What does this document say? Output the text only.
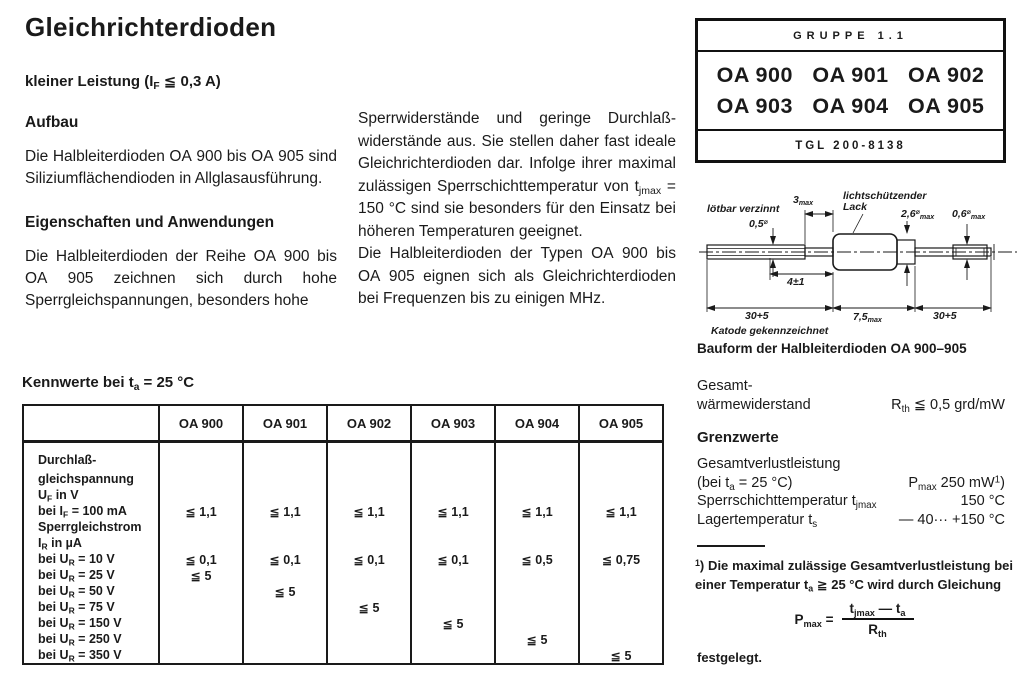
Gleichrichterdioden
kleiner Leistung ($I_F$ ≦ 0,3 A)
Aufbau

Die Halbleiterdioden OA 900 bis OA 905 sind Siliziumflächendioden in Allglasausführung.

Eigenschaften und Anwendungen

Die Halbleiterdioden der Reihe OA 900 bis OA 905 zeichnen sich durch hohe Sperrgleichspannungen, besonders hohe

Sperrwiderstände und geringe Durchlaßwiderstände aus. Sie stellen daher fast ideale Gleichrichterdioden dar. Infolge ihrer maximal zulässigen Sperrschichttemperatur von $t_{jmax} = 150$ °C sind sie besonders für den Einsatz bei höheren Temperaturen geeignet.

Die Halbleiterdioden der Typen OA 900 bis OA 905 eignen sich als Gleichrichterdioden bei Frequenzen bis zu einigen MHz.

GRUPPE 1.1
OA 900   OA 901   OA 902
OA 903   OA 904   OA 905
TGL 200-8138
lötbar verzinnt
$3_{max}$
lichtschützender
Lack
0,5⌀
$2,6^⌀_{max}$ $0,6^⌀_{max}$
4±1
30+5	$7,5_{max}$	30+5
Katode gekennzeichnet
Bauform der Halbleiterdioden OA 900–905
Gesamt-
wärmewiderstand	$R_{th}$ ≦ 0,5 grd/mW
Grenzwerte
Gesamtverlustleistung
(bei $t_a = 25$ °C)	$P_{max}$ 250 $mW^1$)
Sperrschichttemperatur $t_{jmax}$	150 °C
Lagertemperatur $t_s$	— 40··· +150 °C
$^1$) Die maximal zulässige Gesamtverlustleistung bei einer Temperatur $t_a$ ≧ 25 °C wird durch Gleichung
$P_{max} = \frac{t_{jmax} — t_a}{R_{th}}$
festgelegt.
Kennwerte bei $t_a = 25$ °C
	OA 900	OA 901	OA 902	OA 903	OA 904	OA 905
Durchlaß-						
gleichspannung						
$U_F$ in V						
bei $I_F = 100$ mA	≦ 1,1	≦ 1,1	≦ 1,1	≦ 1,1	≦ 1,1	≦ 1,1
Sperrgleichstrom						
$I_R$ in µA						
bei $U_R = 10$ V	≦ 0,1	≦ 0,1	≦ 0,1	≦ 0,1	≦ 0,5	≦ 0,75
bei $U_R = 25$ V	≦ 5					
bei $U_R = 50$ V		≦ 5				
bei $U_R = 75$ V			≦ 5			
bei $U_R = 150$ V				≦ 5		
bei $U_R = 250$ V					≦ 5	
bei $U_R = 350$ V						≦ 5
